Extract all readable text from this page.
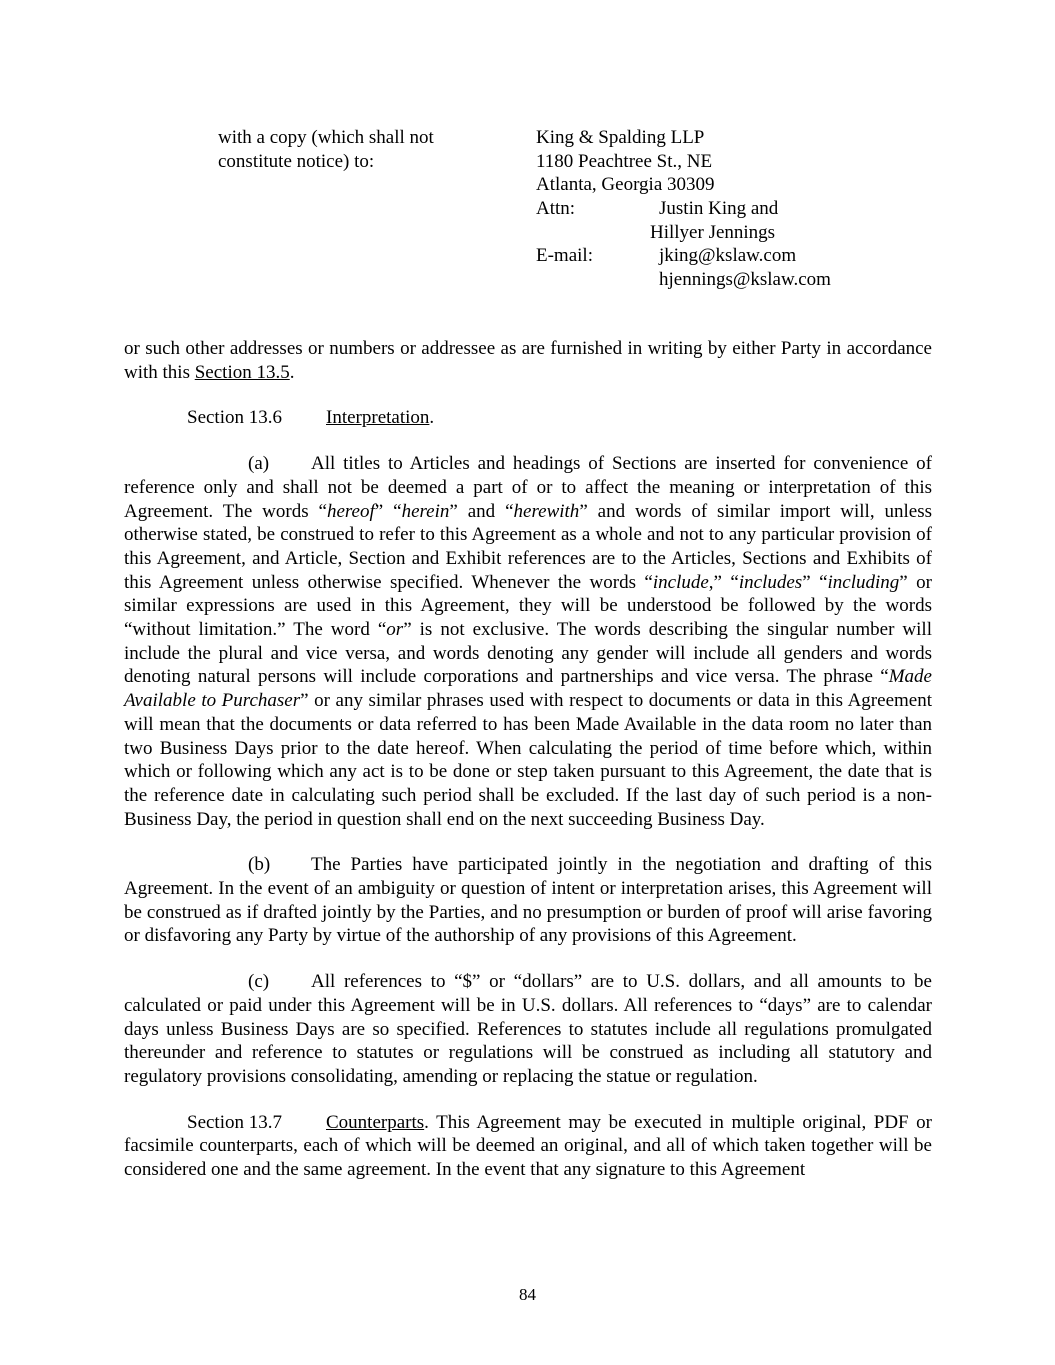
with a copy (which shall not
constitute notice) to:
King & Spalding LLP
1180 Peachtree St., NE
Atlanta, Georgia 30309
Attn:	Justin King and
Hillyer Jennings
E-mail:	jking@kslaw.com
hjennings@kslaw.com

or such other addresses or numbers or addressee as are furnished in writing by either Party in accordance with this Section 13.5.

Section 13.6 Interpretation.

(a) All titles to Articles and headings of Sections are inserted for convenience of reference only and shall not be deemed a part of or to affect the meaning or interpretation of this Agreement. The words “hereof” “herein” and “herewith” and words of similar import will, unless otherwise stated, be construed to refer to this Agreement as a whole and not to any particular provision of this Agreement, and Article, Section and Exhibit references are to the Articles, Sections and Exhibits of this Agreement unless otherwise specified. Whenever the words “include,” “includes” “including” or similar expressions are used in this Agreement, they will be understood be followed by the words “without limitation.” The word “or” is not exclusive. The words describing the singular number will include the plural and vice versa, and words denoting any gender will include all genders and words denoting natural persons will include corporations and partnerships and vice versa. The phrase “Made Available to Purchaser” or any similar phrases used with respect to documents or data in this Agreement will mean that the documents or data referred to has been Made Available in the data room no later than two Business Days prior to the date hereof. When calculating the period of time before which, within which or following which any act is to be done or step taken pursuant to this Agreement, the date that is the reference date in calculating such period shall be excluded. If the last day of such period is a non-Business Day, the period in question shall end on the next succeeding Business Day.

(b) The Parties have participated jointly in the negotiation and drafting of this Agreement. In the event of an ambiguity or question of intent or interpretation arises, this Agreement will be construed as if drafted jointly by the Parties, and no presumption or burden of proof will arise favoring or disfavoring any Party by virtue of the authorship of any provisions of this Agreement.

(c) All references to “$” or “dollars” are to U.S. dollars, and all amounts to be calculated or paid under this Agreement will be in U.S. dollars. All references to “days” are to calendar days unless Business Days are so specified. References to statutes include all regulations promulgated thereunder and reference to statutes or regulations will be construed as including all statutory and regulatory provisions consolidating, amending or replacing the statue or regulation.

Section 13.7 Counterparts. This Agreement may be executed in multiple original, PDF or facsimile counterparts, each of which will be deemed an original, and all of which taken together will be considered one and the same agreement. In the event that any signature to this Agreement

84
